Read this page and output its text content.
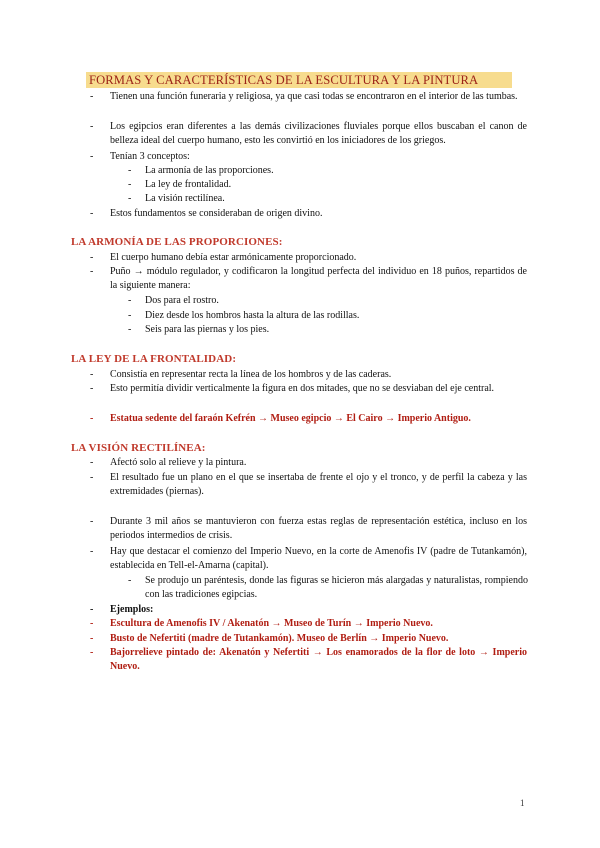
FORMAS Y CARACTERÍSTICAS DE LA ESCULTURA Y LA PINTURA
- Tienen una función funeraria y religiosa, ya que casi todas se encontraron en el interior de las tumbas.
- Los egipcios eran diferentes a las demás civilizaciones fluviales porque ellos buscaban el canon de belleza ideal del cuerpo humano, esto les convirtió en los iniciadores de los griegos.
- Tenían 3 conceptos:
- La armonía de las proporciones.
- La ley de frontalidad.
- La visión rectilínea.
- Estos fundamentos se consideraban de origen divino.
LA ARMONÍA DE LAS PROPORCIONES:
- El cuerpo humano debía estar armónicamente proporcionado.
- Puño → módulo regulador, y codificaron la longitud perfecta del individuo en 18 puños, repartidos de la siguiente manera:
- Dos para el rostro.
- Diez desde los hombros hasta la altura de las rodillas.
- Seis para las piernas y los pies.
LA LEY DE LA FRONTALIDAD:
- Consistía en representar recta la línea de los hombros y de las caderas.
- Esto permitía dividir verticalmente la figura en dos mitades, que no se desviaban del eje central.
- Estatua sedente del faraón Kefrén → Museo egipcio → El Cairo → Imperio Antiguo.
LA VISIÓN RECTILÍNEA:
- Afectó solo al relieve y la pintura.
- El resultado fue un plano en el que se insertaba de frente el ojo y el tronco, y de perfil la cabeza y las extremidades (piernas).
- Durante 3 mil años se mantuvieron con fuerza estas reglas de representación estética, incluso en los periodos intermedios de crisis.
- Hay que destacar el comienzo del Imperio Nuevo, en la corte de Amenofis IV (padre de Tutankamón), establecida en Tell-el-Amarna (capital).
- Se produjo un paréntesis, donde las figuras se hicieron más alargadas y naturalistas, rompiendo con las tradiciones egipcias.
- Ejemplos:
- Escultura de Amenofis IV / Akenatón → Museo de Turín → Imperio Nuevo.
- Busto de Nefertiti (madre de Tutankamón). Museo de Berlín → Imperio Nuevo.
- Bajorrelieve pintado de: Akenatón y Nefertiti → Los enamorados de la flor de loto → Imperio Nuevo.
1
